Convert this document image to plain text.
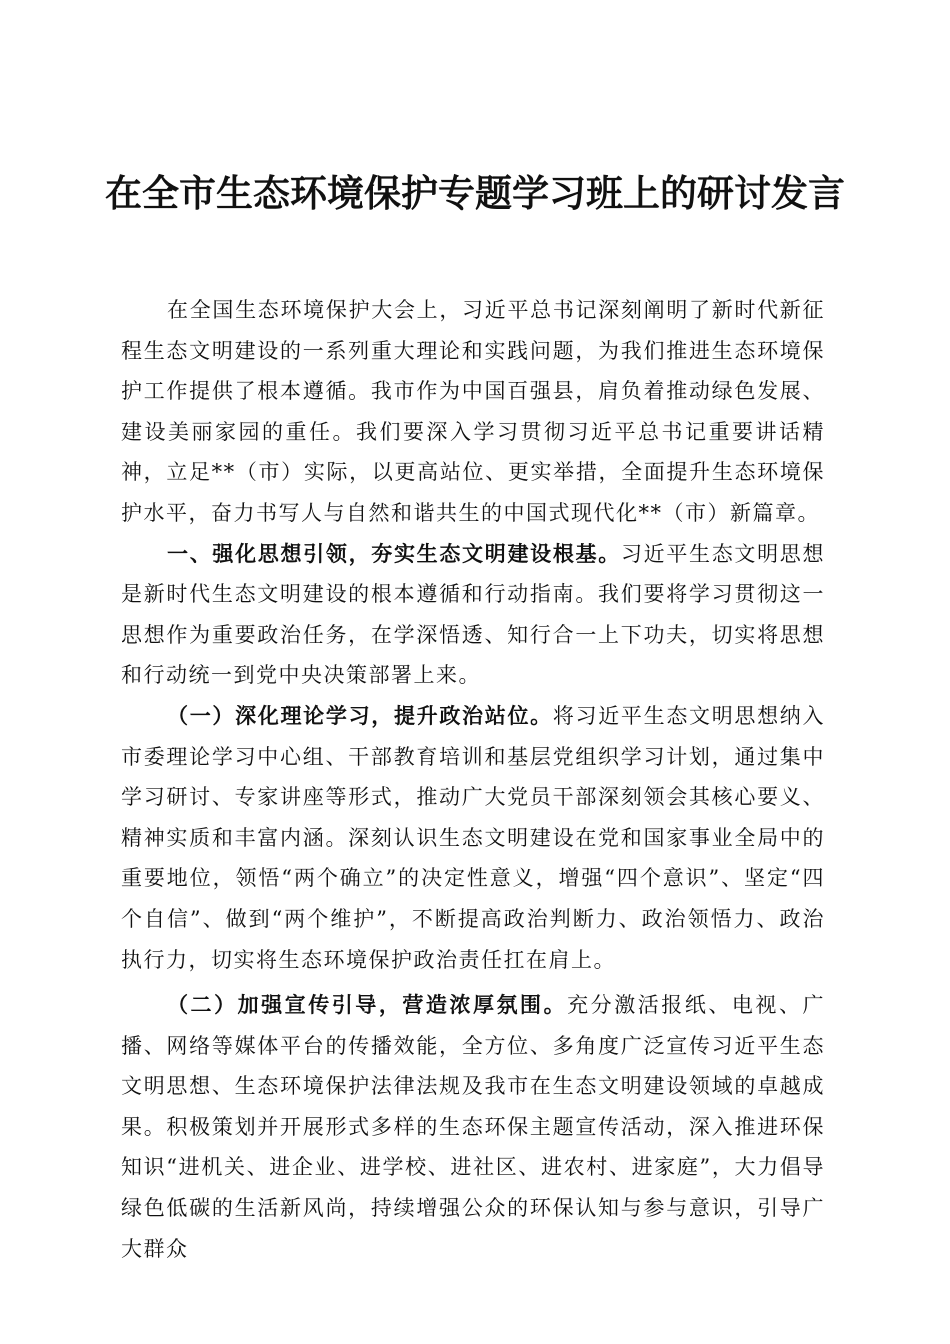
在全市生态环境保护专题学习班上的研讨发言

在全国生态环境保护大会上，习近平总书记深刻阐明了新时代新征程生态文明建设的一系列重大理论和实践问题，为我们推进生态环境保护工作提供了根本遵循。我市作为中国百强县，肩负着推动绿色发展、建设美丽家园的重任。我们要深入学习贯彻习近平总书记重要讲话精神，立足**（市）实际，以更高站位、更实举措，全面提升生态环境保护水平，奋力书写人与自然和谐共生的中国式现代化**（市）新篇章。

一、强化思想引领，夯实生态文明建设根基。习近平生态文明思想是新时代生态文明建设的根本遵循和行动指南。我们要将学习贯彻这一思想作为重要政治任务，在学深悟透、知行合一上下功夫，切实将思想和行动统一到党中央决策部署上来。

（一）深化理论学习，提升政治站位。将习近平生态文明思想纳入市委理论学习中心组、干部教育培训和基层党组织学习计划，通过集中学习研讨、专家讲座等形式，推动广大党员干部深刻领会其核心要义、精神实质和丰富内涵。深刻认识生态文明建设在党和国家事业全局中的重要地位，领悟“两个确立”的决定性意义，增强“四个意识”、坚定“四个自信”、做到“两个维护”，不断提高政治判断力、政治领悟力、政治执行力，切实将生态环境保护政治责任扛在肩上。

（二）加强宣传引导，营造浓厚氛围。充分激活报纸、电视、广播、网络等媒体平台的传播效能，全方位、多角度广泛宣传习近平生态文明思想、生态环境保护法律法规及我市在生态文明建设领域的卓越成果。积极策划并开展形式多样的生态环保主题宣传活动，深入推进环保知识“进机关、进企业、进学校、进社区、进农村、进家庭”，大力倡导绿色低碳的生活新风尚，持续增强公众的环保认知与参与意识，引导广大群众
